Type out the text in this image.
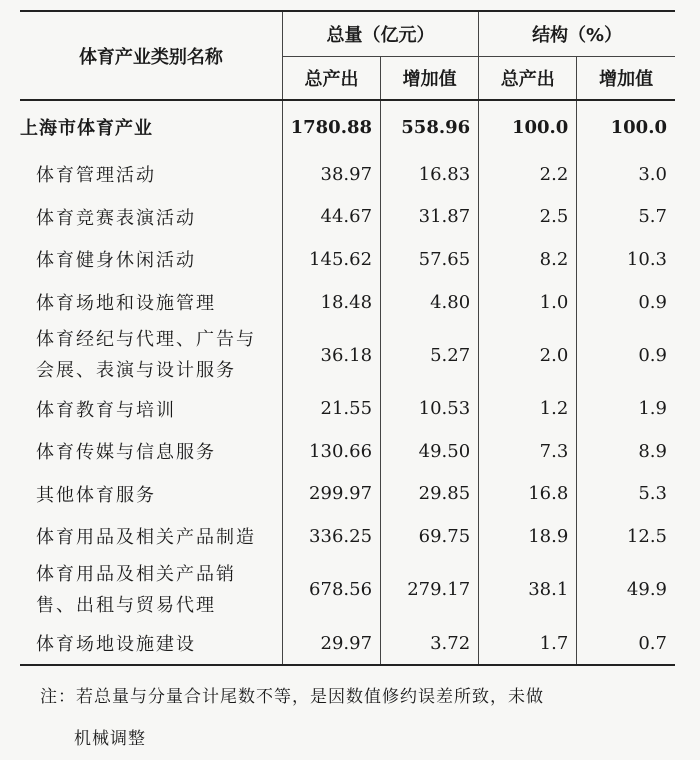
体育产业类别名称	总量（亿元）		结构（%）	
	总产出	增加值	总产出	增加值
上海市体育产业	1780.88	558.96	100.0	100.0
体育管理活动	38.97	16.83	2.2	3.0
体育竞赛表演活动	44.67	31.87	2.5	5.7
体育健身休闲活动	145.62	57.65	8.2	10.3
体育场地和设施管理	18.48	4.80	1.0	0.9

体育经纪与代理、广告与
会展、表演与设计服务	36.18	5.27	2.0	0.9
体育教育与培训	21.55	10.53	1.2	1.9
体育传媒与信息服务	130.66	49.50	7.3	8.9
其他体育服务	299.97	29.85	16.8	5.3
体育用品及相关产品制造	336.25	69.75	18.9	12.5

体育用品及相关产品销
售、出租与贸易代理	678.56	279.17	38.1	49.9
体育场地设施建设	29.97	3.72	1.7	0.7
注：若总量与分量合计尾数不等，是因数值修约误差所致，未做
机械调整
